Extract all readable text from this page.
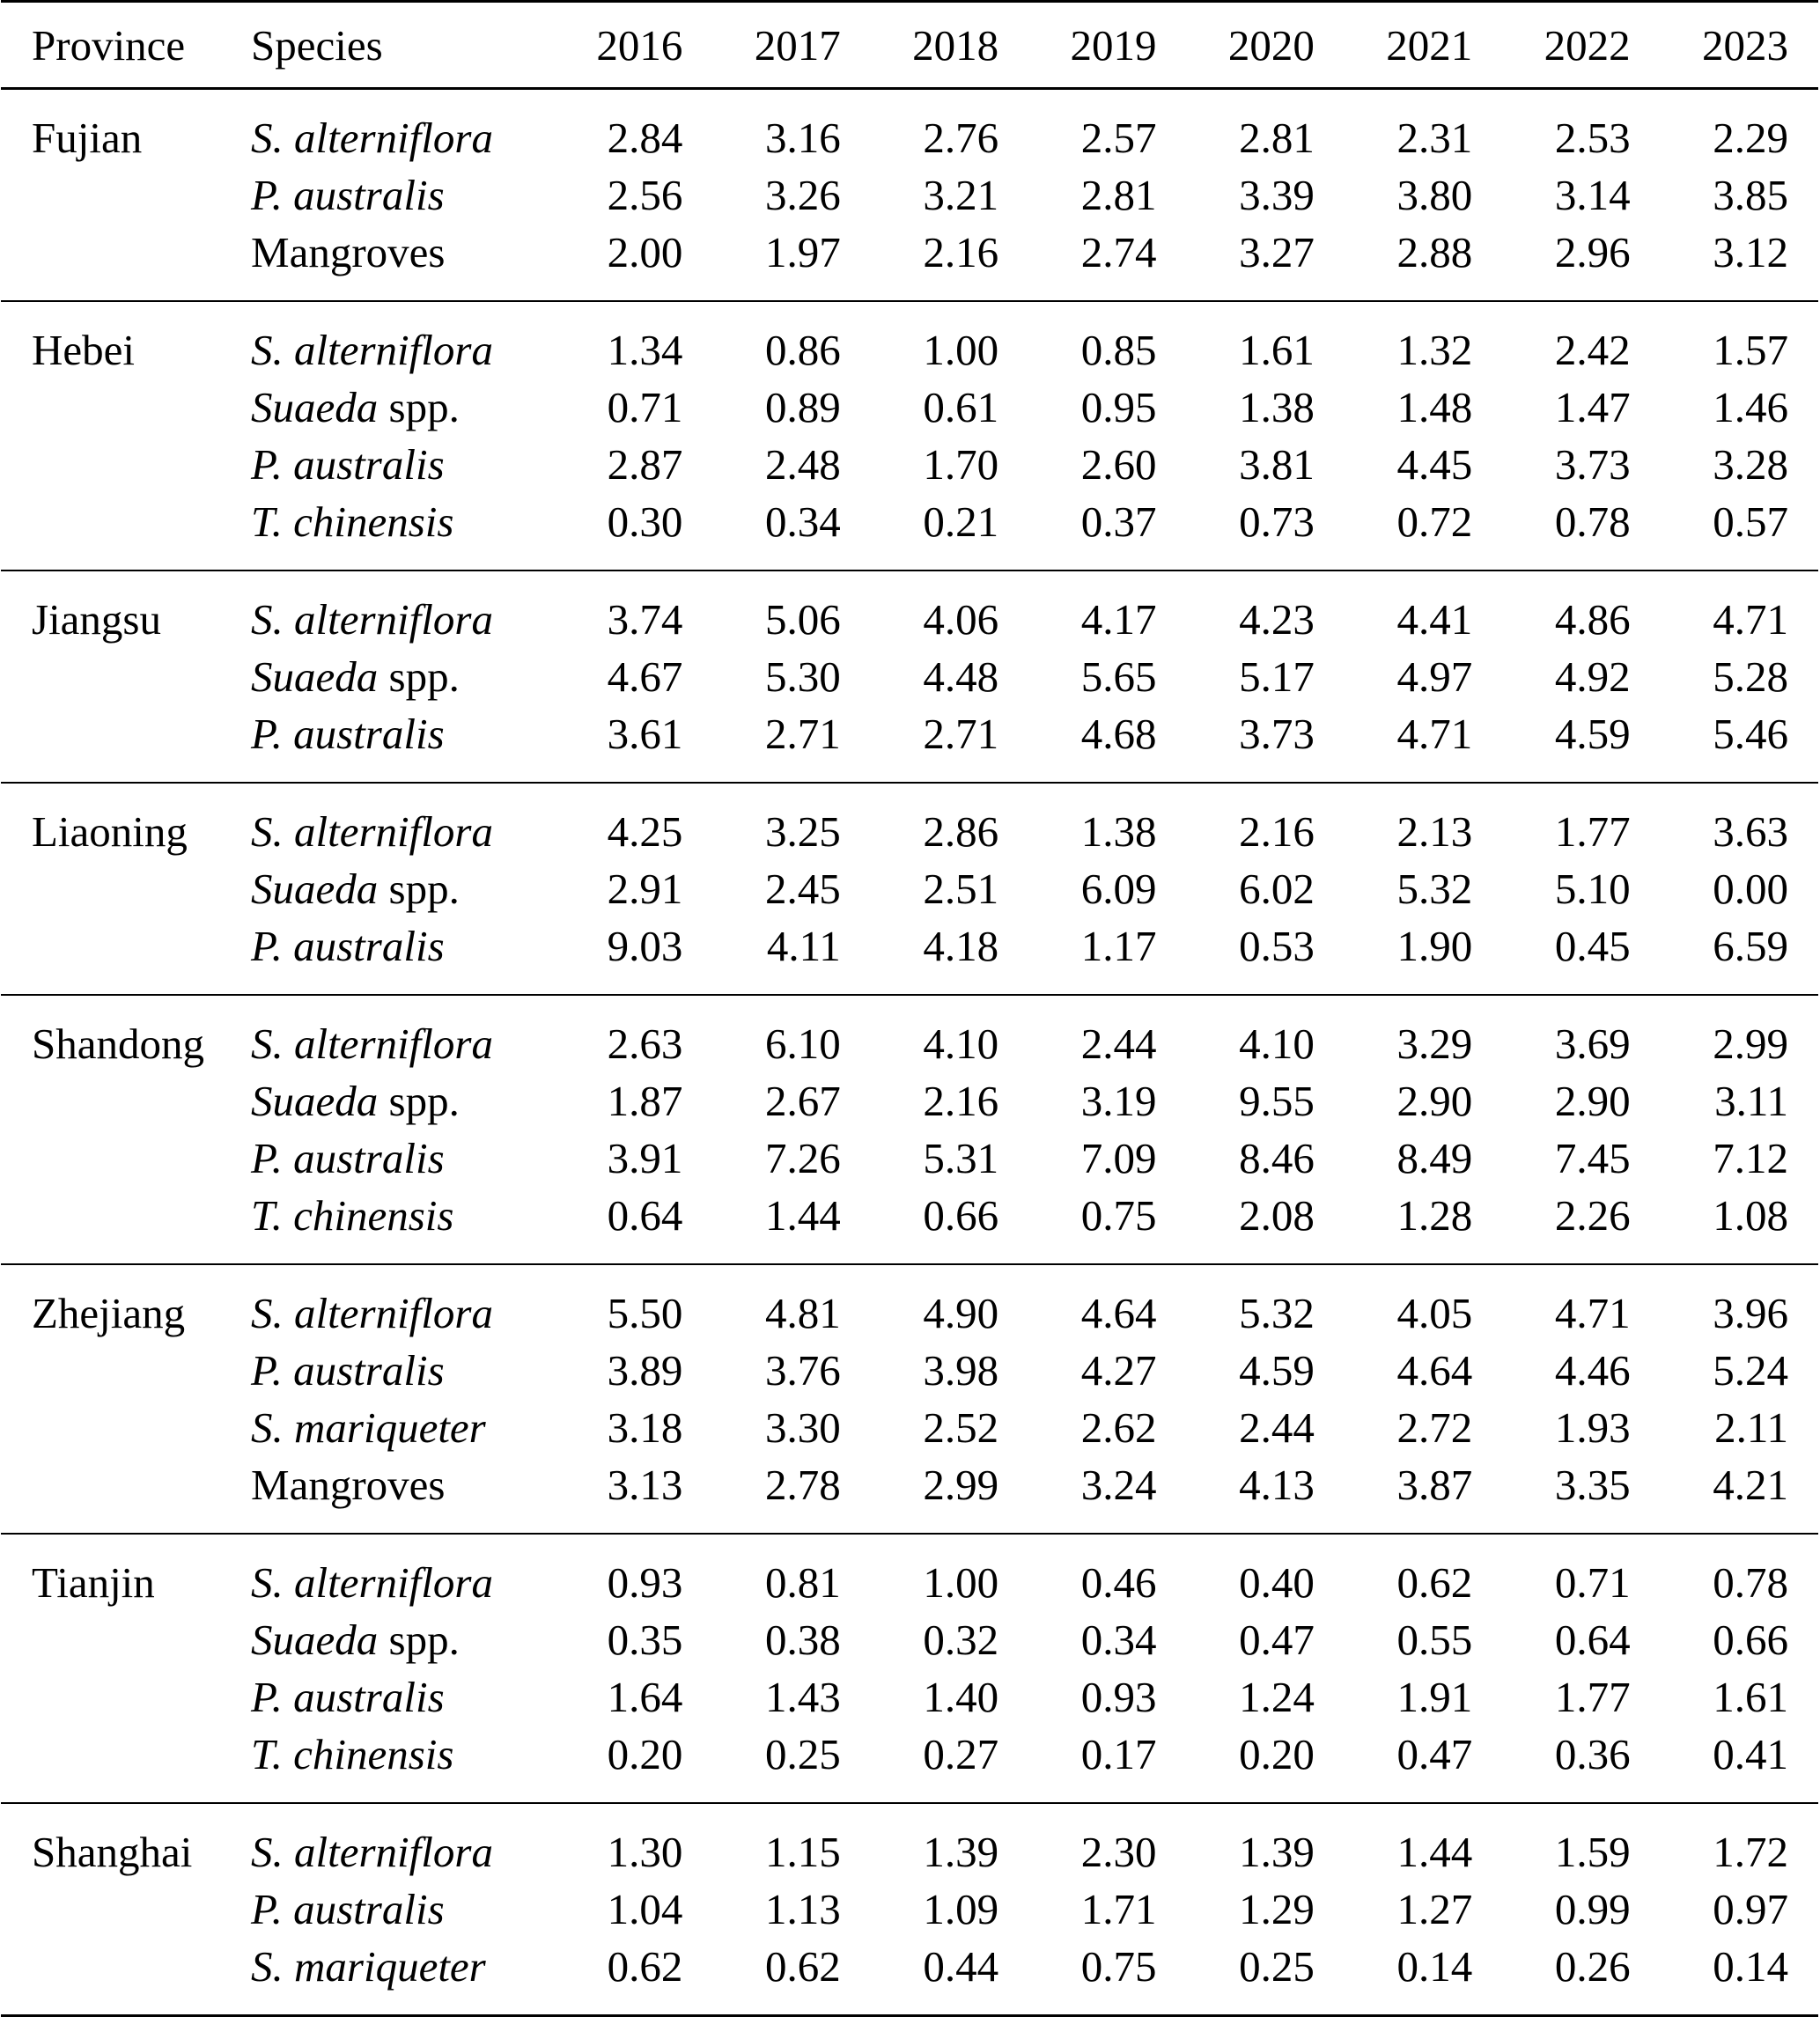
Province	Species	2016	2017	2018	2019	2020	2021	2022	2023
Fujian	S. alterniflora	2.84	3.16	2.76	2.57	2.81	2.31	2.53	2.29
	P. australis	2.56	3.26	3.21	2.81	3.39	3.80	3.14	3.85
	Mangroves	2.00	1.97	2.16	2.74	3.27	2.88	2.96	3.12
Hebei	S. alterniflora	1.34	0.86	1.00	0.85	1.61	1.32	2.42	1.57
	Suaeda spp.	0.71	0.89	0.61	0.95	1.38	1.48	1.47	1.46
	P. australis	2.87	2.48	1.70	2.60	3.81	4.45	3.73	3.28
	T. chinensis	0.30	0.34	0.21	0.37	0.73	0.72	0.78	0.57
Jiangsu	S. alterniflora	3.74	5.06	4.06	4.17	4.23	4.41	4.86	4.71
	Suaeda spp.	4.67	5.30	4.48	5.65	5.17	4.97	4.92	5.28
	P. australis	3.61	2.71	2.71	4.68	3.73	4.71	4.59	5.46
Liaoning	S. alterniflora	4.25	3.25	2.86	1.38	2.16	2.13	1.77	3.63
	Suaeda spp.	2.91	2.45	2.51	6.09	6.02	5.32	5.10	0.00
	P. australis	9.03	4.11	4.18	1.17	0.53	1.90	0.45	6.59
Shandong	S. alterniflora	2.63	6.10	4.10	2.44	4.10	3.29	3.69	2.99
	Suaeda spp.	1.87	2.67	2.16	3.19	9.55	2.90	2.90	3.11
	P. australis	3.91	7.26	5.31	7.09	8.46	8.49	7.45	7.12
	T. chinensis	0.64	1.44	0.66	0.75	2.08	1.28	2.26	1.08
Zhejiang	S. alterniflora	5.50	4.81	4.90	4.64	5.32	4.05	4.71	3.96
	P. australis	3.89	3.76	3.98	4.27	4.59	4.64	4.46	5.24
	S. mariqueter	3.18	3.30	2.52	2.62	2.44	2.72	1.93	2.11
	Mangroves	3.13	2.78	2.99	3.24	4.13	3.87	3.35	4.21
Tianjin	S. alterniflora	0.93	0.81	1.00	0.46	0.40	0.62	0.71	0.78
	Suaeda spp.	0.35	0.38	0.32	0.34	0.47	0.55	0.64	0.66
	P. australis	1.64	1.43	1.40	0.93	1.24	1.91	1.77	1.61
	T. chinensis	0.20	0.25	0.27	0.17	0.20	0.47	0.36	0.41
Shanghai	S. alterniflora	1.30	1.15	1.39	2.30	1.39	1.44	1.59	1.72
	P. australis	1.04	1.13	1.09	1.71	1.29	1.27	0.99	0.97
	S. mariqueter	0.62	0.62	0.44	0.75	0.25	0.14	0.26	0.14
